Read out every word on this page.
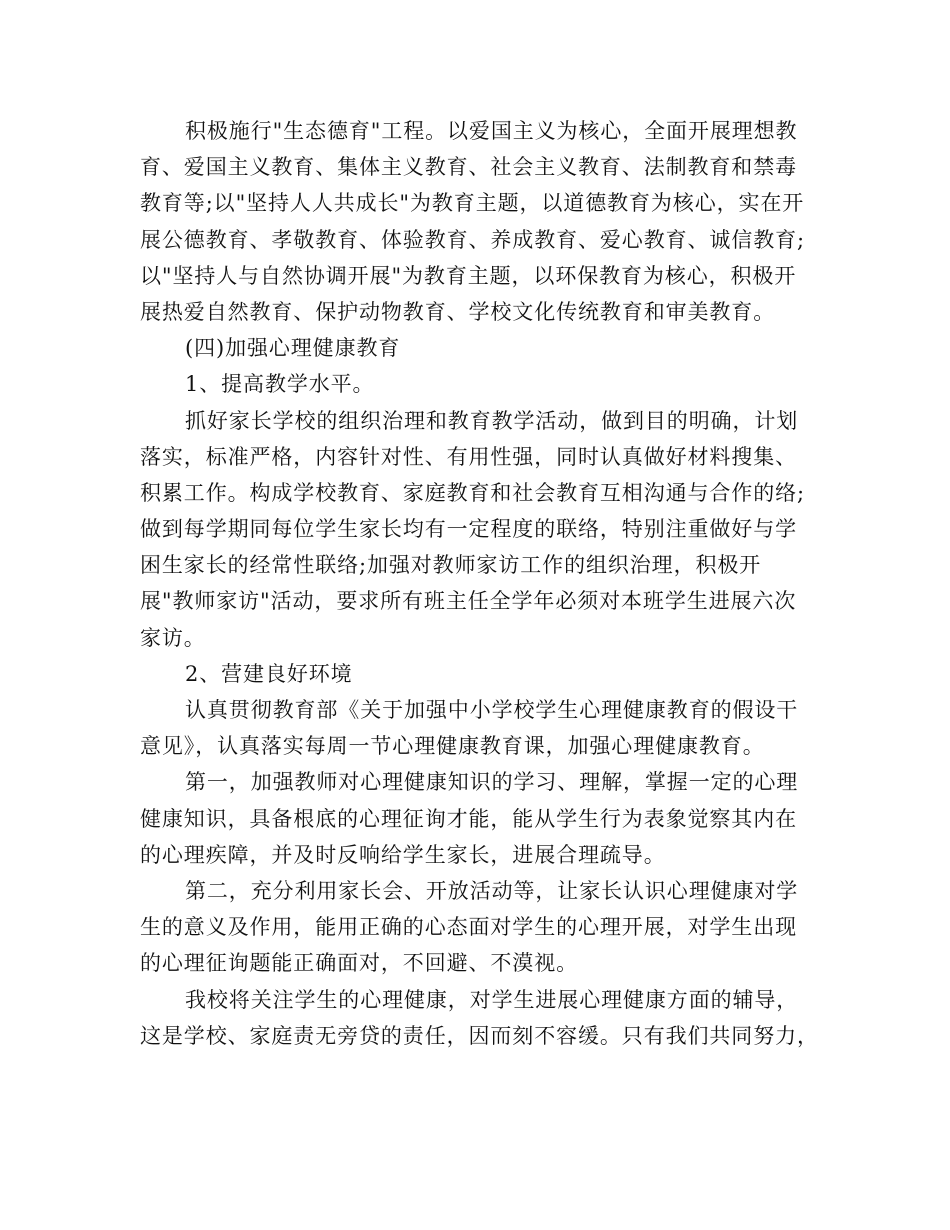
积极施行"生态德育"工程。以爱国主义为核心，全面开展理想教
育、爱国主义教育、集体主义教育、社会主义教育、法制教育和禁毒
教育等;以"坚持人人共成长"为教育主题，以道德教育为核心，实在开
展公德教育、孝敬教育、体验教育、养成教育、爱心教育、诚信教育;
以"坚持人与自然协调开展"为教育主题，以环保教育为核心，积极开
展热爱自然教育、保护动物教育、学校文化传统教育和审美教育。
(四)加强心理健康教育
1、提高教学水平。
抓好家长学校的组织治理和教育教学活动，做到目的明确，计划
落实，标准严格，内容针对性、有用性强，同时认真做好材料搜集、
积累工作。构成学校教育、家庭教育和社会教育互相沟通与合作的络;
做到每学期同每位学生家长均有一定程度的联络，特别注重做好与学
困生家长的经常性联络;加强对教师家访工作的组织治理，积极开
展"教师家访"活动，要求所有班主任全学年必须对本班学生进展六次
家访。
2、营建良好环境
认真贯彻教育部《关于加强中小学校学生心理健康教育的假设干
意见》，认真落实每周一节心理健康教育课，加强心理健康教育。
第一，加强教师对心理健康知识的学习、理解，掌握一定的心理
健康知识，具备根底的心理征询才能，能从学生行为表象觉察其内在
的心理疾障，并及时反响给学生家长，进展合理疏导。
第二，充分利用家长会、开放活动等，让家长认识心理健康对学
生的意义及作用，能用正确的心态面对学生的心理开展，对学生出现
的心理征询题能正确面对，不回避、不漠视。
我校将关注学生的心理健康，对学生进展心理健康方面的辅导，
这是学校、家庭责无旁贷的责任，因而刻不容缓。只有我们共同努力，
